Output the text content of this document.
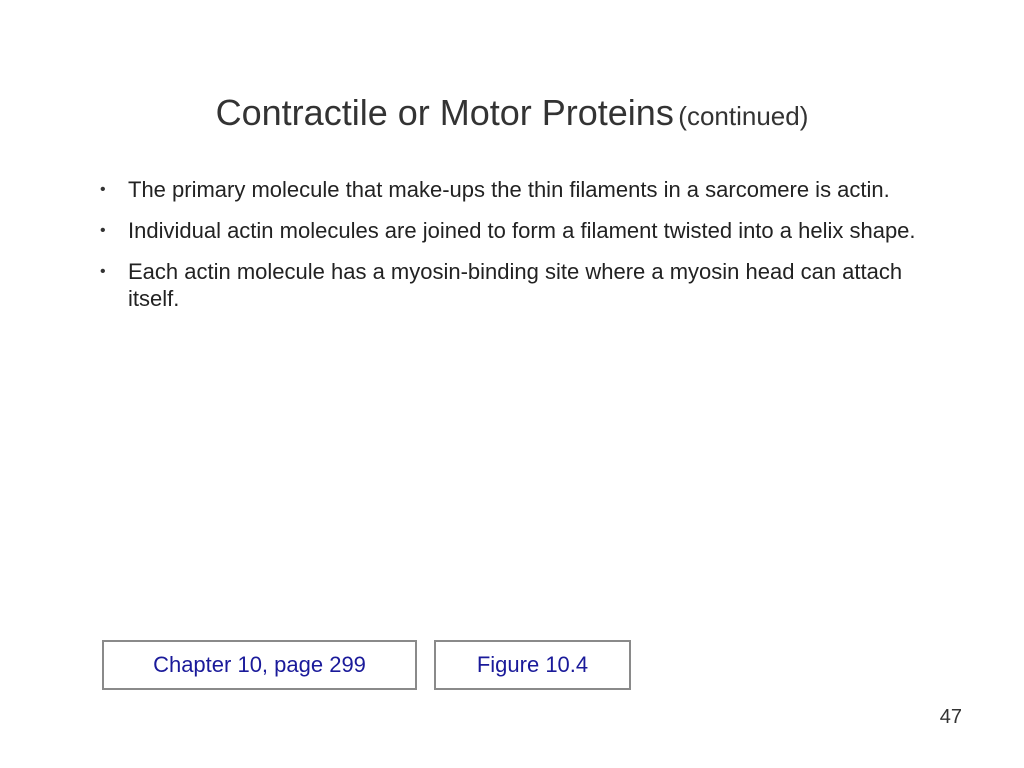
Contractile or Motor Proteins (continued)
•	The primary molecule that make-ups the thin filaments in a sarcomere is actin.
•	Individual actin molecules are joined to form a filament twisted into a helix shape.
•	Each actin molecule has a myosin-binding site where a myosin head can attach itself.
Chapter 10, page 299	Figure 10.4
47
